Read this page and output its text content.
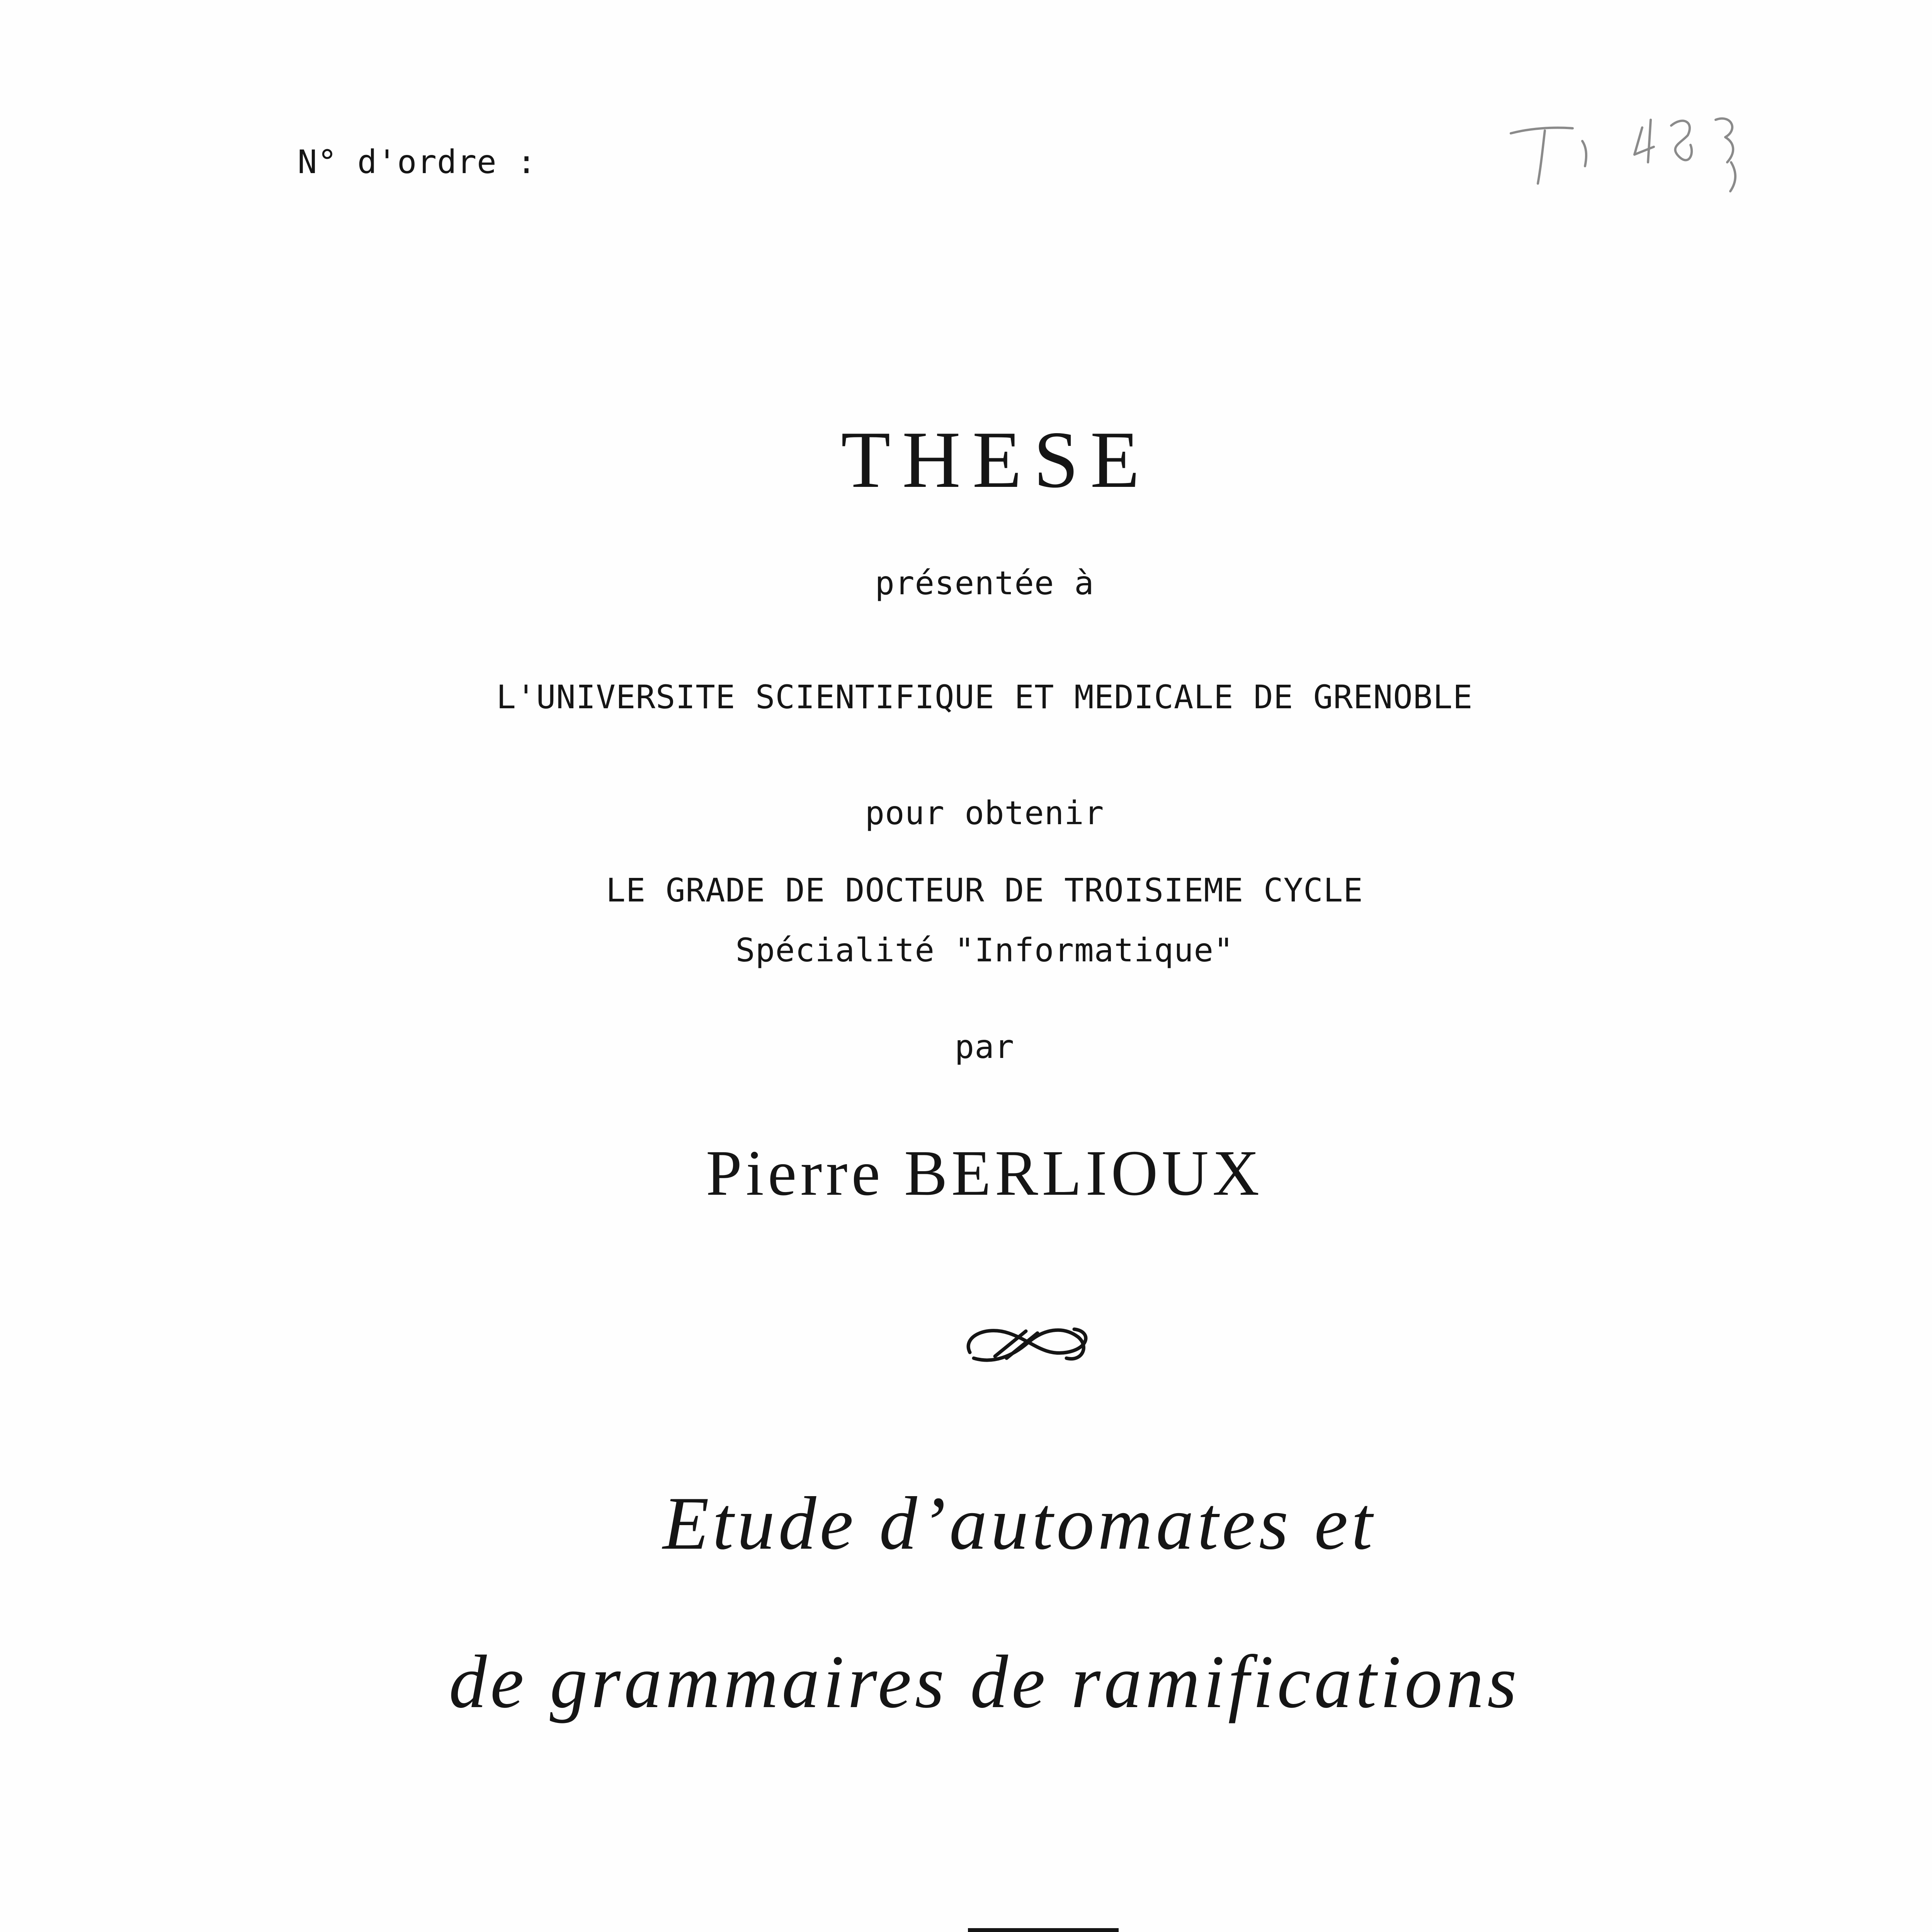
N° d'ordre :
THESE
présentée à
L'UNIVERSITE SCIENTIFIQUE ET MEDICALE DE GRENOBLE
pour obtenir
LE GRADE DE DOCTEUR DE TROISIEME CYCLE
Spécialité "Informatique"
par
Pierre BERLIOUX
Etude d’automates et
de grammaires de ramifications
